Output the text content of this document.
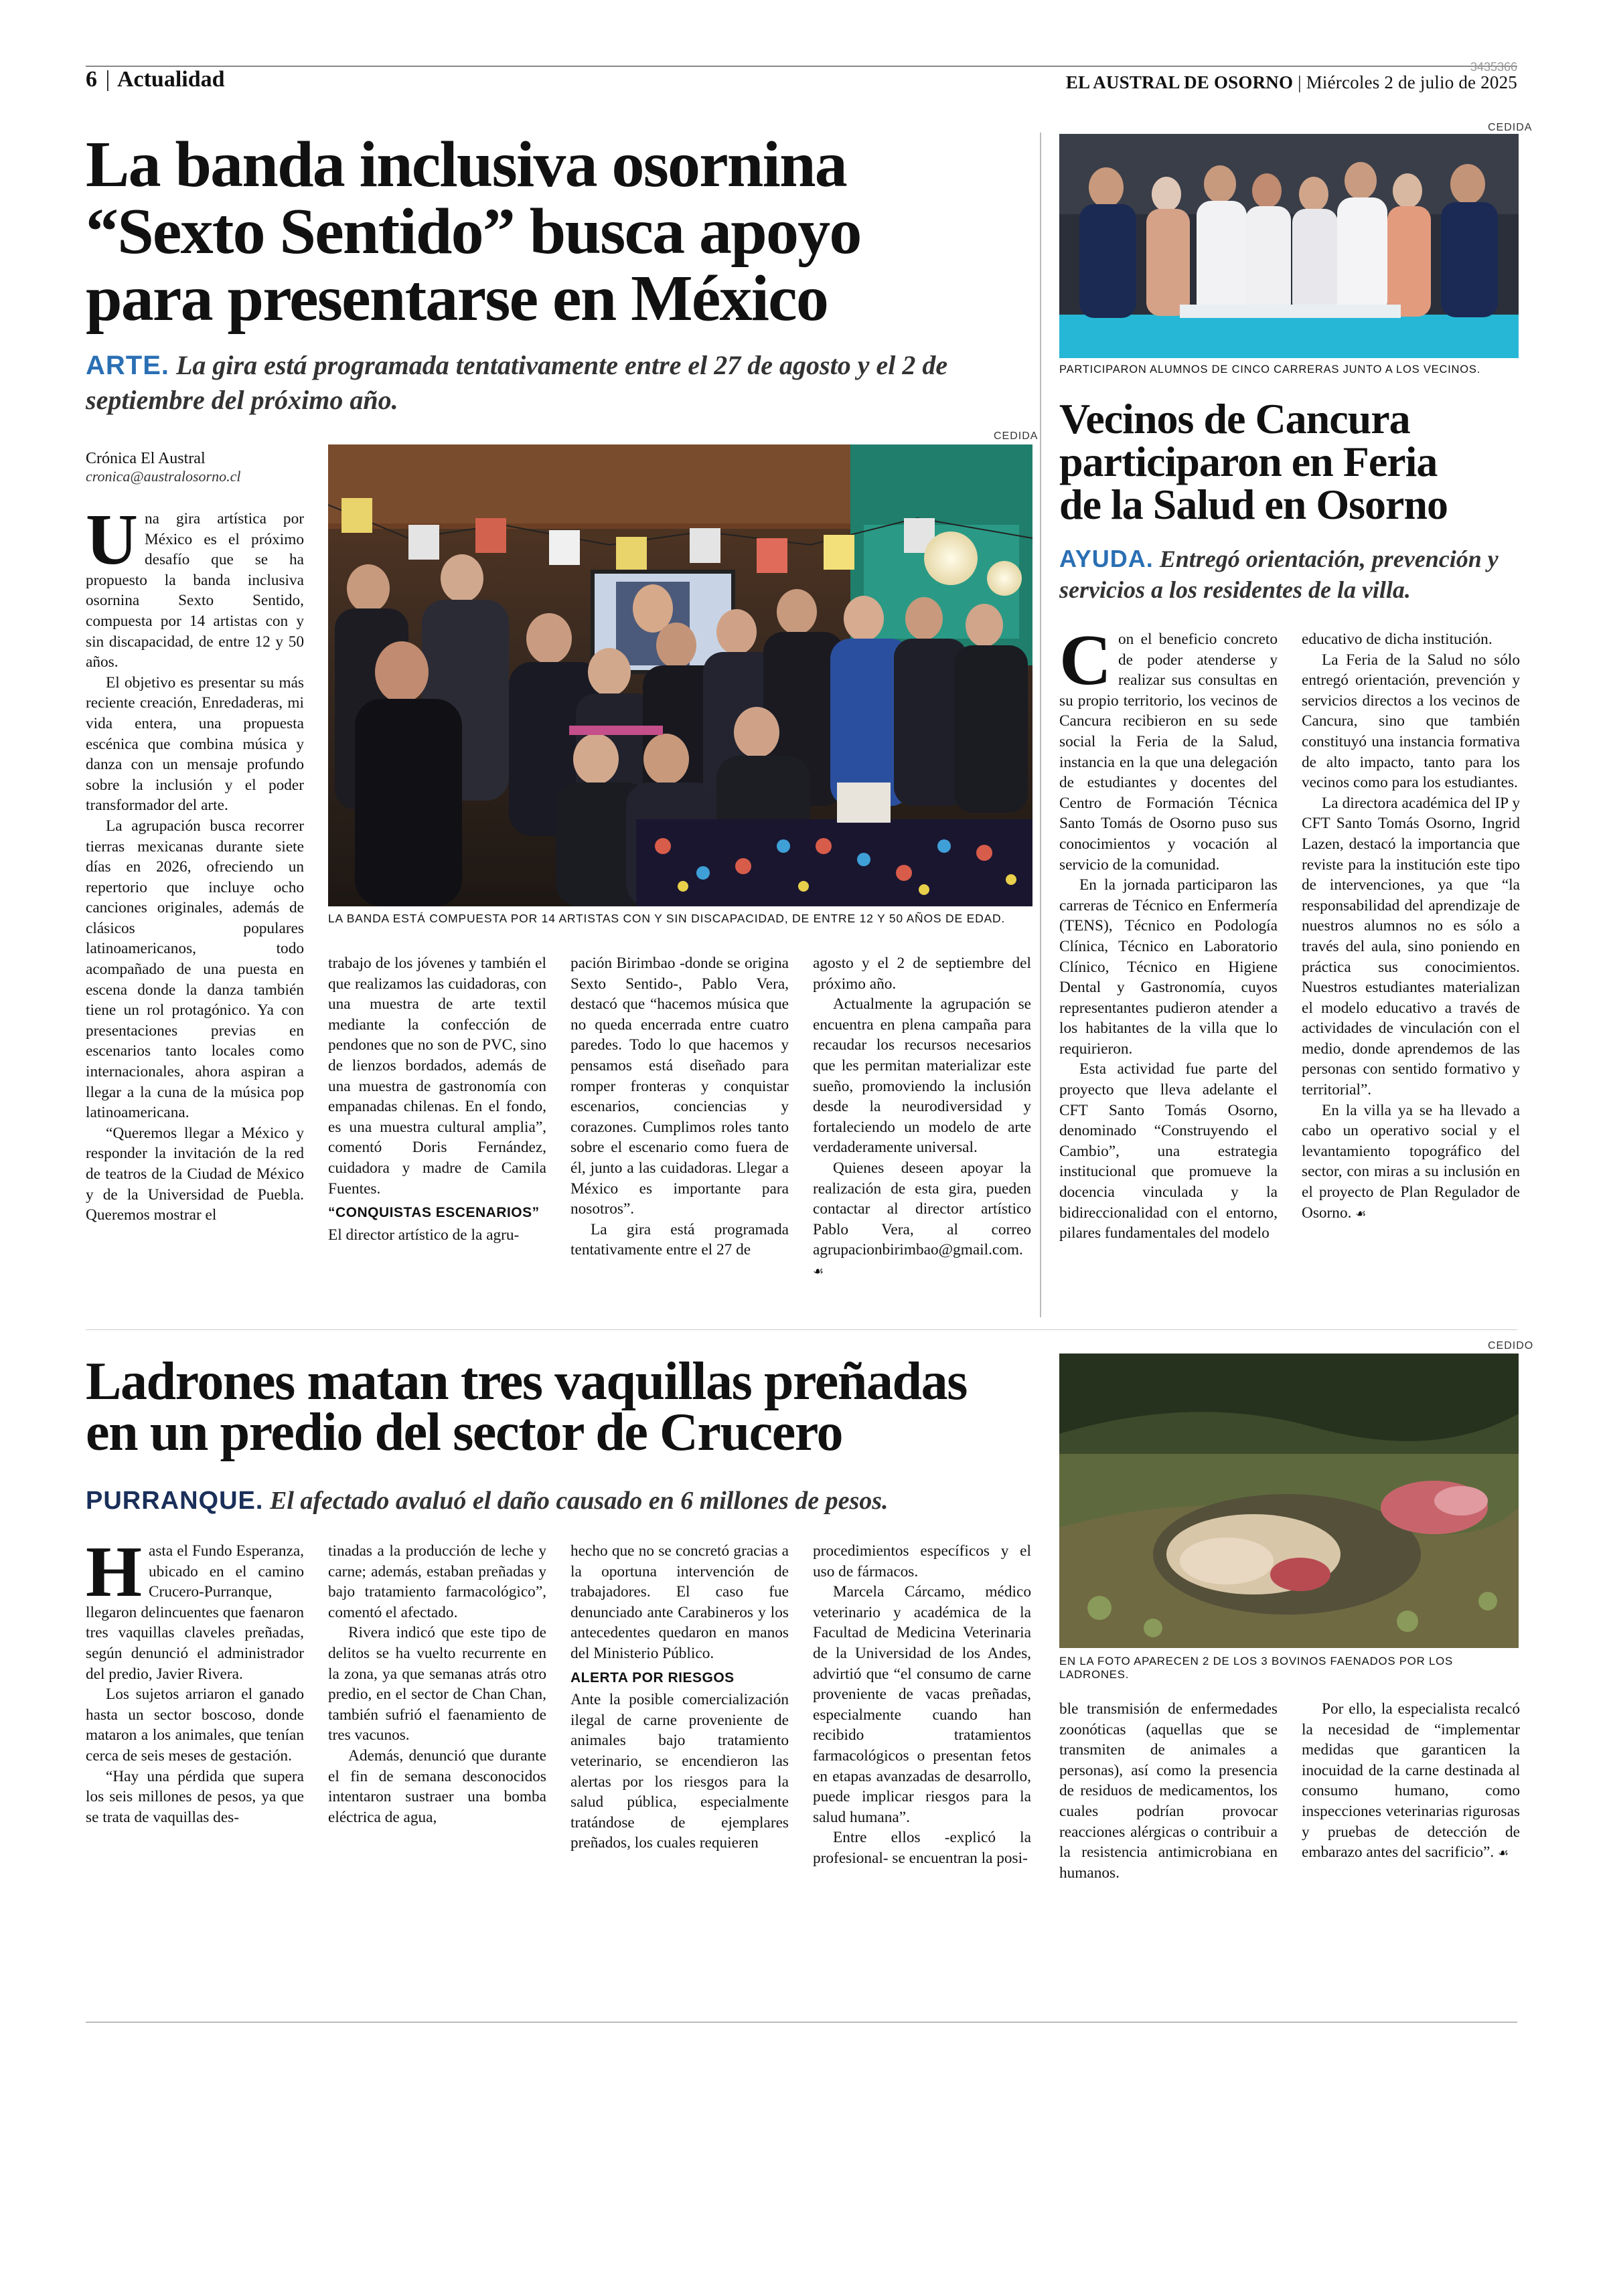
6 | Actualidad	EL AUSTRAL DE OSORNO | Miércoles 2 de julio de 2025
3435366
La banda inclusiva osornina
“Sexto Sentido” busca apoyo
para presentarse en México
ARTE. La gira está programada tentativamente entre el 27 de agosto y el 2 de septiembre del próximo año.
Crónica El Austral
cronica@australosorno.cl
CEDIDA
LA BANDA ESTÁ COMPUESTA POR 14 ARTISTAS CON Y SIN DISCAPACIDAD, DE ENTRE 12 Y 50 AÑOS DE EDAD.

Una gira artística por México es el próximo desafío que se ha propuesto la banda inclusiva osornina Sexto Sentido, compuesta por 14 artistas con y sin discapacidad, de entre 12 y 50 años.

El objetivo es presentar su más reciente creación, Enredaderas, mi vida entera, una propuesta escénica que combina música y danza con un mensaje profundo sobre la inclusión y el poder transformador del arte.

La agrupación busca recorrer tierras mexicanas durante siete días en 2026, ofreciendo un repertorio que incluye ocho canciones originales, además de clásicos populares latinoamericanos, todo acompañado de una puesta en escena donde la danza también tiene un rol protagónico. Ya con presentaciones previas en escenarios tanto locales como internacionales, ahora aspiran a llegar a la cuna de la música pop latinoamericana.

“Queremos llegar a México y responder la invitación de la red de teatros de la Ciudad de México y de la Universidad de Puebla. Queremos mostrar el

trabajo de los jóvenes y también el que realizamos las cuidadoras, con una muestra de arte textil mediante la confección de pendones que no son de PVC, sino de lienzos bordados, además de una muestra de gastronomía con empanadas chilenas. En el fondo, es una muestra cultural amplia”, comentó Doris Fernández, cuidadora y madre de Camila Fuentes.

“CONQUISTAS ESCENARIOS”

El director artístico de la agru-

pación Birimbao -donde se origina Sexto Sentido-, Pablo Vera, destacó que “hacemos música que no queda encerrada entre cuatro paredes. Todo lo que hacemos y pensamos está diseñado para romper fronteras y conquistar escenarios, conciencias y corazones. Cumplimos roles tanto sobre el escenario como fuera de él, junto a las cuidadoras. Llegar a México es importante para nosotros”.

La gira está programada tentativamente entre el 27 de

agosto y el 2 de septiembre del próximo año.

Actualmente la agrupación se encuentra en plena campaña para recaudar los recursos necesarios que les permitan materializar este sueño, promoviendo la inclusión desde la neurodiversidad y fortaleciendo un modelo de arte verdaderamente universal.

Quienes deseen apoyar la realización de esta gira, pueden contactar al director artístico Pablo Vera, al correo agrupacionbirimbao@gmail.com. ☙

CEDIDA
PARTICIPARON ALUMNOS DE CINCO CARRERAS JUNTO A LOS VECINOS.
Vecinos de Cancura
participaron en Feria
de la Salud en Osorno
AYUDA. Entregó orientación, prevención y servicios a los residentes de la villa.

Con el beneficio concreto de poder atenderse y realizar sus consultas en su propio territorio, los vecinos de Cancura recibieron en su sede social la Feria de la Salud, instancia en la que una delegación de estudiantes y docentes del Centro de Formación Técnica Santo Tomás de Osorno puso sus conocimientos y vocación al servicio de la comunidad.

En la jornada participaron las carreras de Técnico en Enfermería (TENS), Técnico en Podología Clínica, Técnico en Laboratorio Clínico, Técnico en Higiene Dental y Gastronomía, cuyos representantes pudieron atender a los habitantes de la villa que lo requirieron.

Esta actividad fue parte del proyecto que lleva adelante el CFT Santo Tomás Osorno, denominado “Construyendo el Cambio”, una estrategia institucional que promueve la docencia vinculada y la bidireccionalidad con el entorno, pilares fundamentales del modelo

educativo de dicha institución.

La Feria de la Salud no sólo entregó orientación, prevención y servicios directos a los vecinos de Cancura, sino que también constituyó una instancia formativa de alto impacto, tanto para los vecinos como para los estudiantes.

La directora académica del IP y CFT Santo Tomás Osorno, Ingrid Lazen, destacó la importancia que reviste para la institución este tipo de intervenciones, ya que “la responsabilidad del aprendizaje de nuestros alumnos no es sólo a través del aula, sino poniendo en práctica sus conocimientos. Nuestros estudiantes materializan el modelo educativo a través de actividades de vinculación con el medio, donde aprendemos de las personas con sentido formativo y territorial”.

En la villa ya se ha llevado a cabo un operativo social y el levantamiento topográfico del sector, con miras a su inclusión en el proyecto de Plan Regulador de Osorno. ☙

Ladrones matan tres vaquillas preñadas
en un predio del sector de Crucero
PURRANQUE. El afectado avaluó el daño causado en 6 millones de pesos.
CEDIDO
EN LA FOTO APARECEN 2 DE LOS 3 BOVINOS FAENADOS POR LOS LADRONES.

Hasta el Fundo Esperanza, ubicado en el camino Crucero-Purranque, llegaron delincuentes que faenaron tres vaquillas claveles preñadas, según denunció el administrador del predio, Javier Rivera.

Los sujetos arriaron el ganado hasta un sector boscoso, donde mataron a los animales, que tenían cerca de seis meses de gestación.

“Hay una pérdida que supera los seis millones de pesos, ya que se trata de vaquillas des-

tinadas a la producción de leche y carne; además, estaban preñadas y bajo tratamiento farmacológico”, comentó el afectado.

Rivera indicó que este tipo de delitos se ha vuelto recurrente en la zona, ya que semanas atrás otro predio, en el sector de Chan Chan, también sufrió el faenamiento de tres vacunos.

Además, denunció que durante el fin de semana desconocidos intentaron sustraer una bomba eléctrica de agua,

hecho que no se concretó gracias a la oportuna intervención de trabajadores. El caso fue denunciado ante Carabineros y los antecedentes quedaron en manos del Ministerio Público.

ALERTA POR RIESGOS

Ante la posible comercialización ilegal de carne proveniente de animales bajo tratamiento veterinario, se encendieron las alertas por los riesgos para la salud pública, especialmente tratándose de ejemplares preñados, los cuales requieren

procedimientos específicos y el uso de fármacos.

Marcela Cárcamo, médico veterinario y académica de la Facultad de Medicina Veterinaria de la Universidad de los Andes, advirtió que “el consumo de carne proveniente de vacas preñadas, especialmente cuando han recibido tratamientos farmacológicos o presentan fetos en etapas avanzadas de desarrollo, puede implicar riesgos para la salud humana”.

Entre ellos -explicó la profesional- se encuentran la posi-

ble transmisión de enfermedades zoonóticas (aquellas que se transmiten de animales a personas), así como la presencia de residuos de medicamentos, los cuales podrían provocar reacciones alérgicas o contribuir a la resistencia antimicrobiana en humanos.

Por ello, la especialista recalcó la necesidad de “implementar medidas que garanticen la inocuidad de la carne destinada al consumo humano, como inspecciones veterinarias rigurosas y pruebas de detección de embarazo antes del sacrificio”. ☙
